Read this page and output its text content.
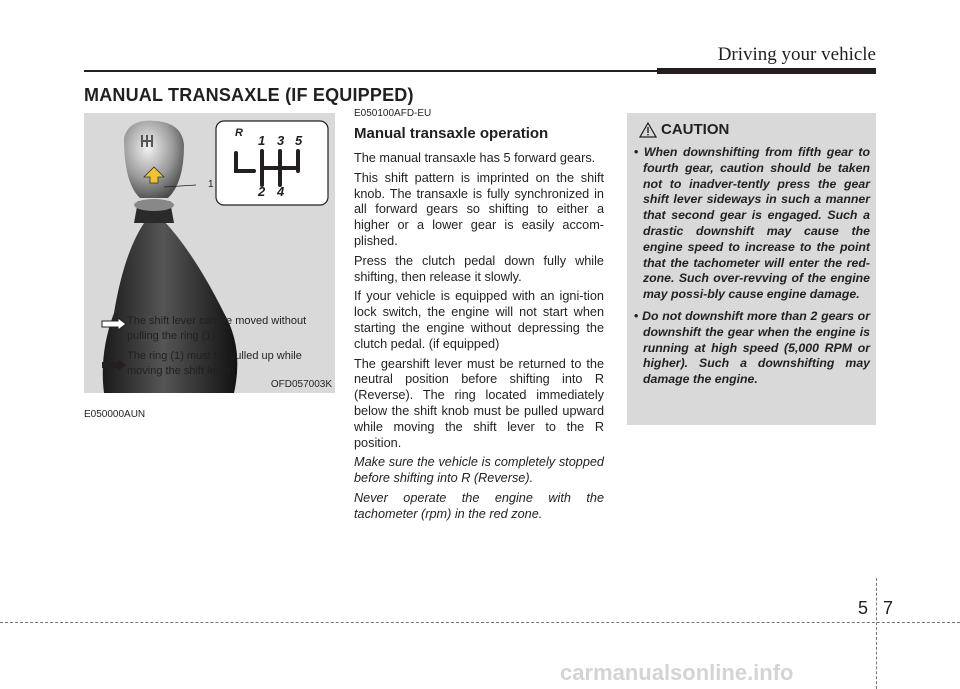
Driving your vehicle
MANUAL TRANSAXLE (IF EQUIPPED)
1
R 1 3 5
2 4
The shift lever can be moved without pulling the ring (1).
The ring (1) must be pulled up while moving the shift lever.
OFD057003K
E050000AUN
E050100AFD-EU
Manual transaxle operation

The manual transaxle has 5 forward gears.

This shift pattern is imprinted on the shift knob. The transaxle is fully synchronized in all forward gears so shifting to either a higher or a lower gear is easily accom-plished.

Press the clutch pedal down fully while shifting, then release it slowly.

If your vehicle is equipped with an igni-tion lock switch, the engine will not start when starting the engine without depressing the clutch pedal. (if equipped)

The gearshift lever must be returned to the neutral position before shifting into R (Reverse). The ring located immediately below the shift knob must be pulled upward while moving the shift lever to the R position.

Make sure the vehicle is completely stopped before shifting into R (Reverse).

Never operate the engine with the tachometer (rpm) in the red zone.

CAUTION
• When downshifting from fifth gear to fourth gear, caution should be taken not to inadver-tently press the gear shift lever sideways in such a manner that second gear is engaged. Such a drastic downshift may cause the engine speed to increase to the point that the tachometer will enter the red-zone. Such over-revving of the engine may possi-bly cause engine damage.
• Do not downshift more than 2 gears or downshift the gear when the engine is running at high speed (5,000 RPM or higher). Such a downshifting may damage the engine.
5 7
carmanualsonline.info
